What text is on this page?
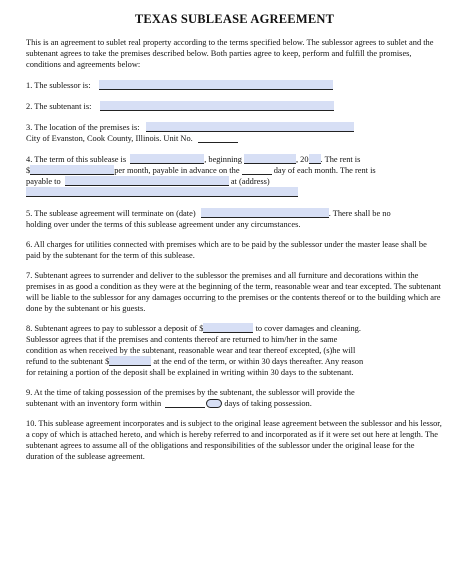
TEXAS SUBLEASE AGREEMENT

This is an agreement to sublet real property according to the terms specified below. The sublessor agrees to sublet and the subtenant agrees to take the premises described below. Both parties agree to keep, perform and fulfill the promises, conditions and agreements below:

1. The sublessor is:
2. The subtenant is:
3. The location of the premises is:
City of Evanston, Cook County, Illinois. Unit No.
4. The term of this sublease is	, beginning	, 20 . The rent is
$	per month, payable in advance on the	day of each month. The rent is
payable to	at (address)
5. The sublease agreement will terminate on (date)	. There shall be no
holding over under the terms of this sublease agreement under any circumstances.

6. All charges for utilities connected with premises which are to be paid by the sublessor under the master lease shall be paid by the subtenant for the term of this sublease.

7. Subtenant agrees to surrender and deliver to the sublessor the premises and all furniture and decorations within the premises in as good a condition as they were at the beginning of the term, reasonable wear and tear excepted. The subtenant will be liable to the sublessor for any damages occurring to the premises or the contents thereof or to the building which are done by the subtenant or his guests.

8. Subtenant agrees to pay to sublessor a deposit of $	to cover damages and cleaning.
Sublessor agrees that if the premises and contents thereof are returned to him/her in the same
condition as when received by the subtenant, reasonable wear and tear thereof excepted, (s)he will
refund to the subtenant $	at the end of the term, or within 30 days thereafter. Any reason
for retaining a portion of the deposit shall be explained in writing within 30 days to the subtenant.
9. At the time of taking possession of the premises by the subtenant, the sublessor will provide the
subtenant with an inventory form within	days of taking possession.

10. This sublease agreement incorporates and is subject to the original lease agreement between the sublessor and his lessor, a copy of which is attached hereto, and which is hereby referred to and incorporated as if it were set out here at length. The subtenant agrees to assume all of the obligations and responsibilities of the sublessor under the original lease for the duration of the sublease agreement.
